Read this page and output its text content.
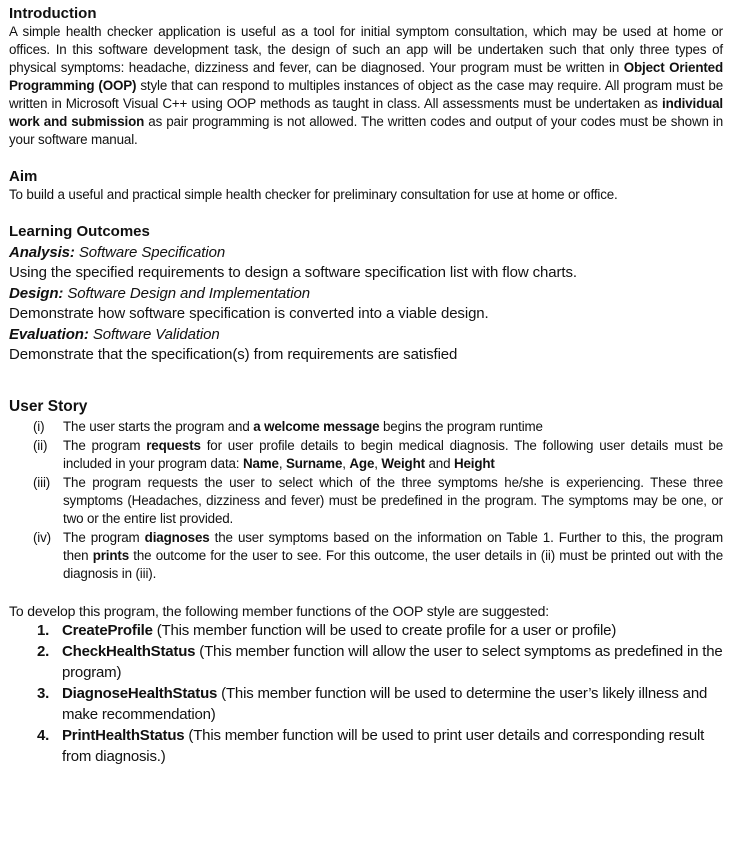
Introduction

A simple health checker application is useful as a tool for initial symptom consultation, which may be used at home or offices. In this software development task, the design of such an app will be undertaken such that only three types of physical symptoms: headache, dizziness and fever, can be diagnosed. Your program must be written in Object Oriented Programming (OOP) style that can respond to multiples instances of object as the case may require. All program must be written in Microsoft Visual C++ using OOP methods as taught in class. All assessments must be undertaken as individual work and submission as pair programming is not allowed. The written codes and output of your codes must be shown in your software manual.

Aim

To build a useful and practical simple health checker for preliminary consultation for use at home or office.

Learning Outcomes

Analysis: Software Specification

Using the specified requirements to design a software specification list with flow charts.

Design: Software Design and Implementation

Demonstrate how software specification is converted into a viable design.

Evaluation: Software Validation

Demonstrate that the specification(s) from requirements are satisfied

User Story
(i) The user starts the program and a welcome message begins the program runtime
(ii) The program requests for user profile details to begin medical diagnosis. The following user details must be included in your program data: Name, Surname, Age, Weight and Height
(iii) The program requests the user to select which of the three symptoms he/she is experiencing. These three symptoms (Headaches, dizziness and fever) must be predefined in the program. The symptoms may be one, or two or the entire list provided.
(iv) The program diagnoses the user symptoms based on the information on Table 1. Further to this, the program then prints the outcome for the user to see. For this outcome, the user details in (ii) must be printed out with the diagnosis in (iii).

To develop this program, the following member functions of the OOP style are suggested:

1. CreateProfile (This member function will be used to create profile for a user or profile)
2. CheckHealthStatus (This member function will allow the user to select symptoms as predefined in the program)
3. DiagnoseHealthStatus (This member function will be used to determine the user’s likely illness and make recommendation)
4. PrintHealthStatus (This member function will be used to print user details and corresponding result from diagnosis.)
